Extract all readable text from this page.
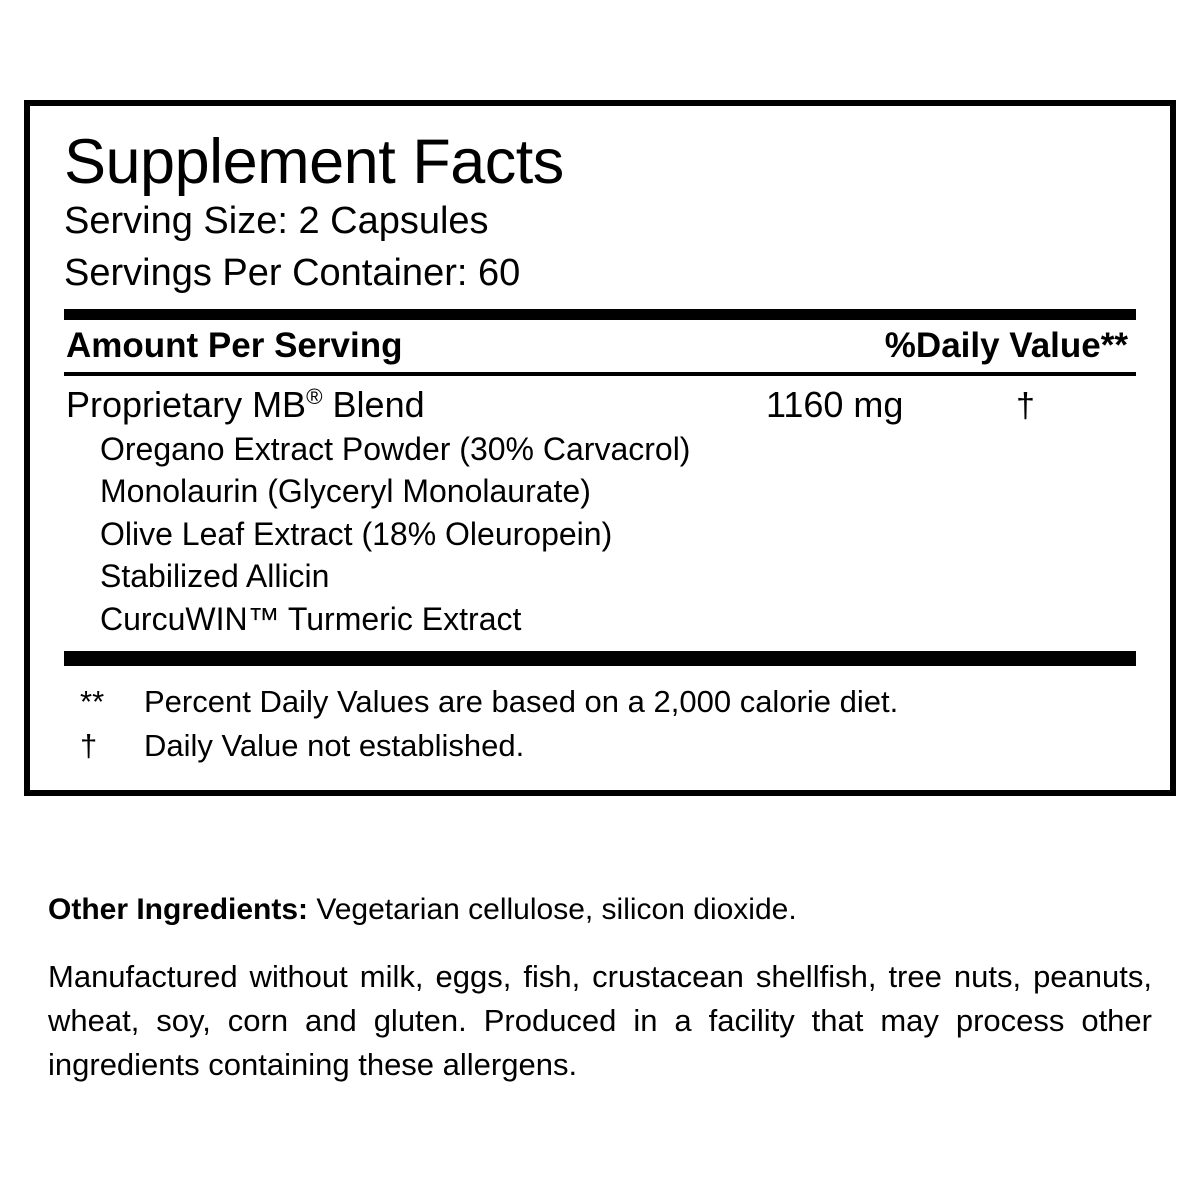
Supplement Facts
Serving Size: 2 Capsules
Servings Per Container: 60
Amount Per Serving	%Daily Value**
Proprietary MB® Blend	1160 mg	†
Oregano Extract Powder (30% Carvacrol)
Monolaurin (Glyceryl Monolaurate)
Olive Leaf Extract (18% Oleuropein)
Stabilized Allicin
CurcuWIN™ Turmeric Extract
**	Percent Daily Values are based on a 2,000 calorie diet.
†	Daily Value not established.
Other Ingredients: Vegetarian cellulose, silicon dioxide.
Manufactured without milk, eggs, fish, crustacean shellfish, tree nuts, peanuts, wheat, soy, corn and gluten. Produced in a facility that may process other ingredients containing these allergens.
